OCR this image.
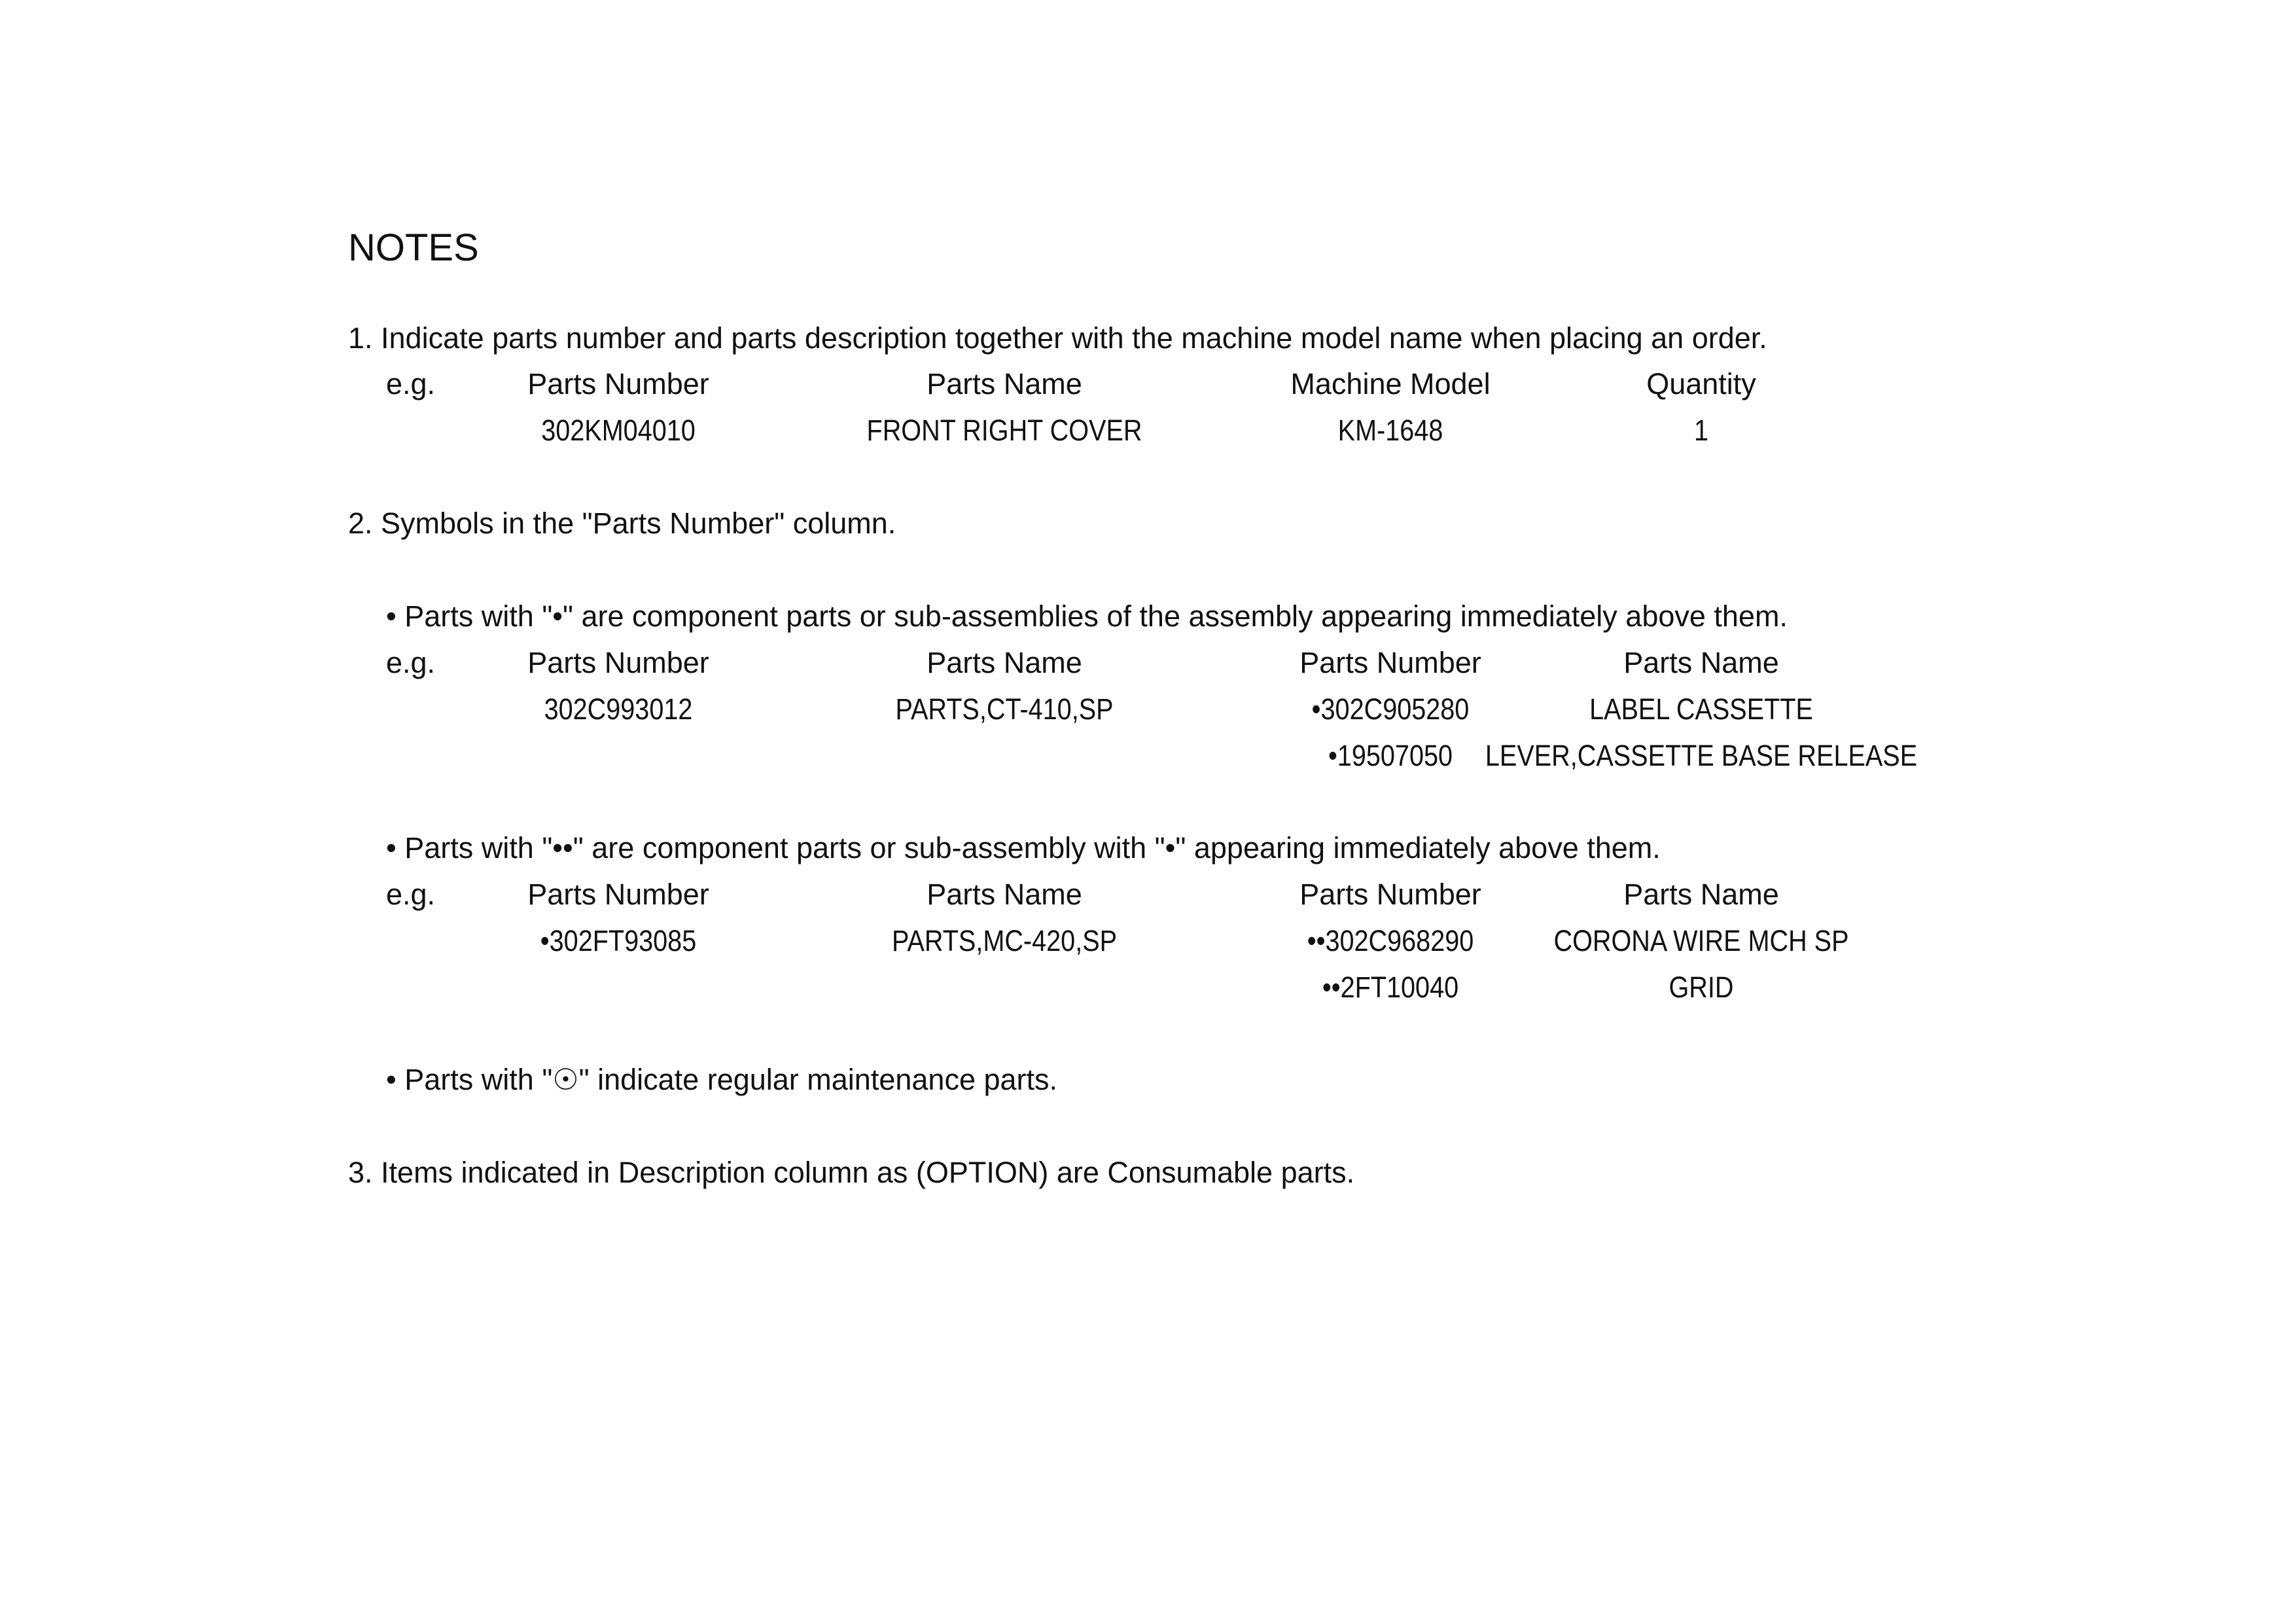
NOTES
1. Indicate parts number and parts description together with the machine model name when placing an order.
e.g.	Parts Number	Parts Name	Machine Model	Quantity
302KM04010	FRONT RIGHT COVER	KM-1648	1
2. Symbols in the "Parts Number" column.
• Parts with "•" are component parts or sub-assemblies of the assembly appearing immediately above them.
e.g.	Parts Number	Parts Name	Parts Number	Parts Name
302C993012	PARTS,CT-410,SP	•302C905280	LABEL CASSETTE
•19507050 LEVER,CASSETTE BASE RELEASE
• Parts with "••" are component parts or sub-assembly with "•" appearing immediately above them.
e.g.	Parts Number	Parts Name	Parts Number	Parts Name
•302FT93085	PARTS,MC-420,SP	••302C968290	CORONA WIRE MCH SP
••2FT10040	GRID
• Parts with "☉" indicate regular maintenance parts.
3. Items indicated in Description column as (OPTION) are Consumable parts.
